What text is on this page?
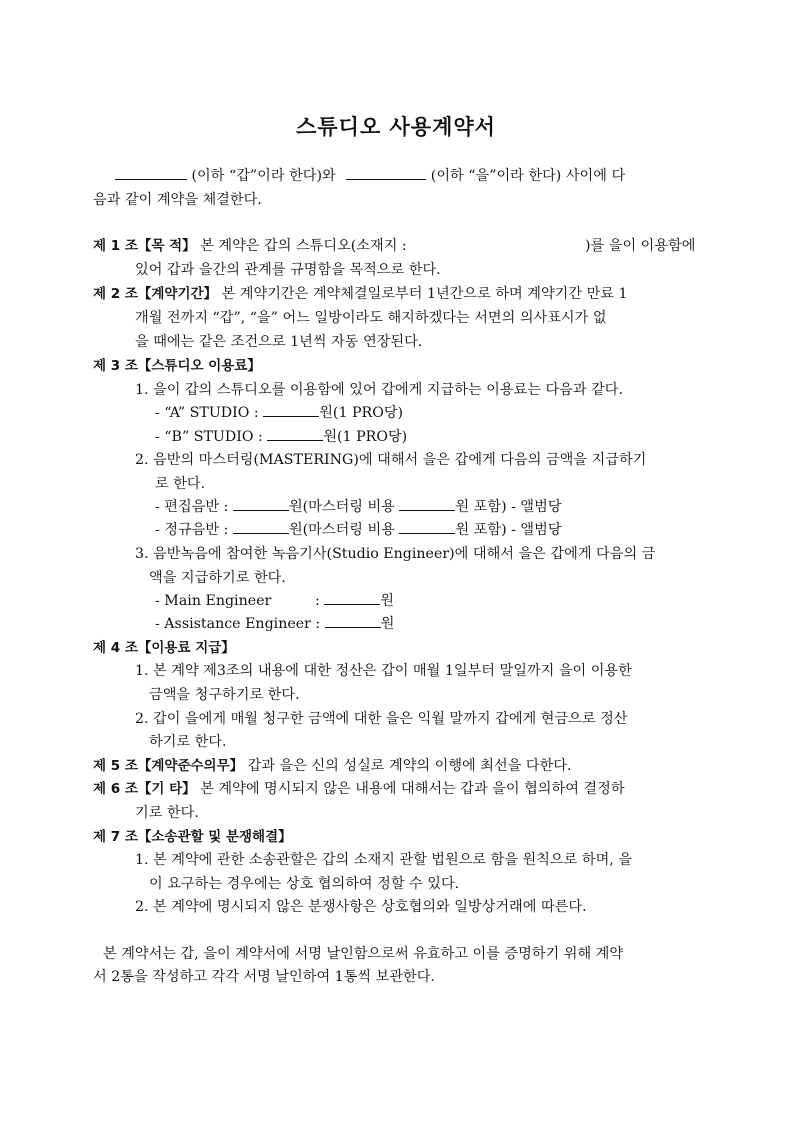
스튜디오 사용계약서
(이하 “갑”이라 한다)와	(이하 “을”이라 한다) 사이에 다
음과 같이 계약을 체결한다.
제 1 조【목 적】 본 계약은 갑의 스튜디오(소재지 :	)를 을이 이용함에
있어 갑과 을간의 관계를 규명함을 목적으로 한다.
제 2 조【계약기간】 본 계약기간은 계약체결일로부터 1년간으로 하며 계약기간 만료 1
개월 전까지 “갑”, “을” 어느 일방이라도 해지하겠다는 서면의 의사표시가 없
을 때에는 같은 조건으로 1년씩 자동 연장된다.
제 3 조【스튜디오 이용료】
1. 을이 갑의 스튜디오를 이용함에 있어 갑에게 지급하는 이용료는 다음과 같다.
- “A” STUDIO :	원(1 PRO당)
- “B” STUDIO :	원(1 PRO당)
2. 음반의 마스터링(MASTERING)에 대해서 을은 갑에게 다음의 금액을 지급하기
로 한다.
- 편집음반 :	원(마스터링 비용	원 포함) - 앨범당
- 정규음반 :	원(마스터링 비용	원 포함) - 앨범당
3. 음반녹음에 참여한 녹음기사(Studio Engineer)에 대해서 을은 갑에게 다음의 금
액을 지급하기로 한다.
- Main Engineer	:	원
- Assistance Engineer :	원
제 4 조【이용료 지급】
1. 본 계약 제3조의 내용에 대한 정산은 갑이 매월 1일부터 말일까지 을이 이용한
금액을 청구하기로 한다.
2. 갑이 을에게 매월 청구한 금액에 대한 을은 익월 말까지 갑에게 현금으로 정산
하기로 한다.
제 5 조【계약준수의무】 갑과 을은 신의 성실로 계약의 이행에 최선을 다한다.
제 6 조【기 타】 본 계약에 명시되지 않은 내용에 대해서는 갑과 을이 협의하여 결정하
기로 한다.
제 7 조【소송관할 및 분쟁해결】
1. 본 계약에 관한 소송관할은 갑의 소재지 관할 법원으로 함을 원칙으로 하며, 을
이 요구하는 경우에는 상호 협의하여 정할 수 있다.
2. 본 계약에 명시되지 않은 분쟁사항은 상호협의와 일방상거래에 따른다.
본 계약서는 갑, 을이 계약서에 서명 날인함으로써 유효하고 이를 증명하기 위해 계약
서 2통을 작성하고 각각 서명 날인하여 1통씩 보관한다.
